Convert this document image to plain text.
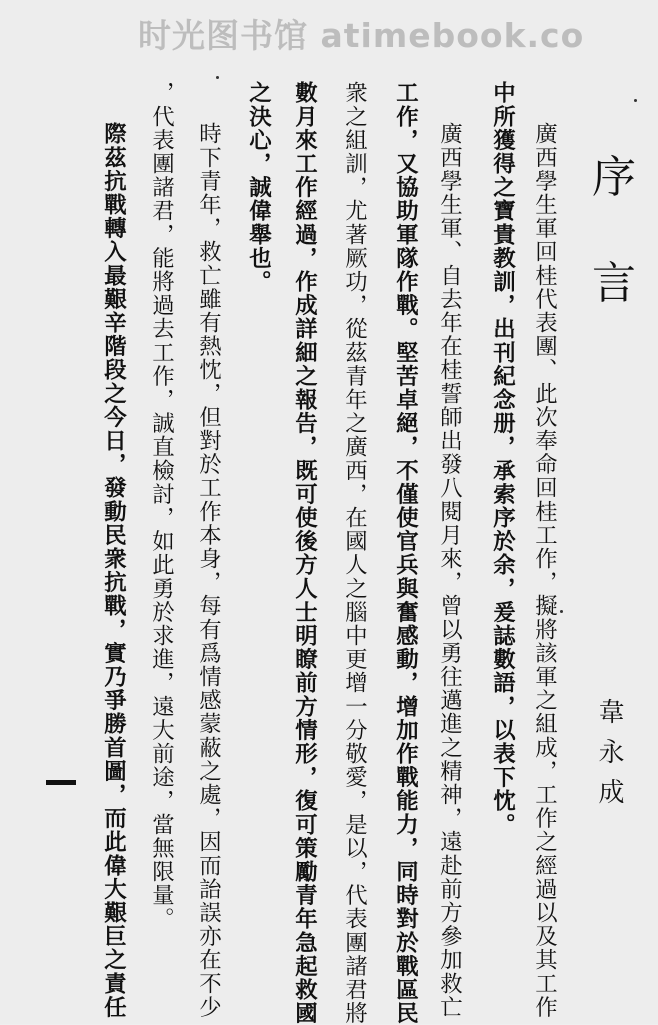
时光图书馆 atimebook.co
序
言
韋永成
廣西學生軍回桂代表團、此次奉命回桂工作，擬將該軍之組成，工作之經過以及其工作
中所獲得之寶貴教訓，出刊紀念册，承索序於余，爰誌數語，以表下忱。
廣西學生軍、自去年在桂誓師出發八閱月來，曾以勇往邁進之精神，遠赴前方參加救亡
工作，又協助軍隊作戰。堅苦卓絕，不僅使官兵與奮感動，增加作戰能力，同時對於戰區民
衆之組訓，尤著厥功，從茲青年之廣西，在國人之腦中更增一分敬愛，是以，代表團諸君將
數月來工作經過，作成詳細之報告，既可使後方人士明瞭前方情形，復可策勵青年急起救國
之決心，誠偉舉也。
時下青年，救亡雖有熱忱，但對於工作本身，每有爲情感蒙蔽之處，因而詒誤亦在不少
，代表團諸君，能將過去工作，誠直檢討，如此勇於求進，遠大前途，當無限量。
際茲抗戰轉入最艱辛階段之今日，發動民衆抗戰，實乃爭勝首圖，而此偉大艱巨之責任
